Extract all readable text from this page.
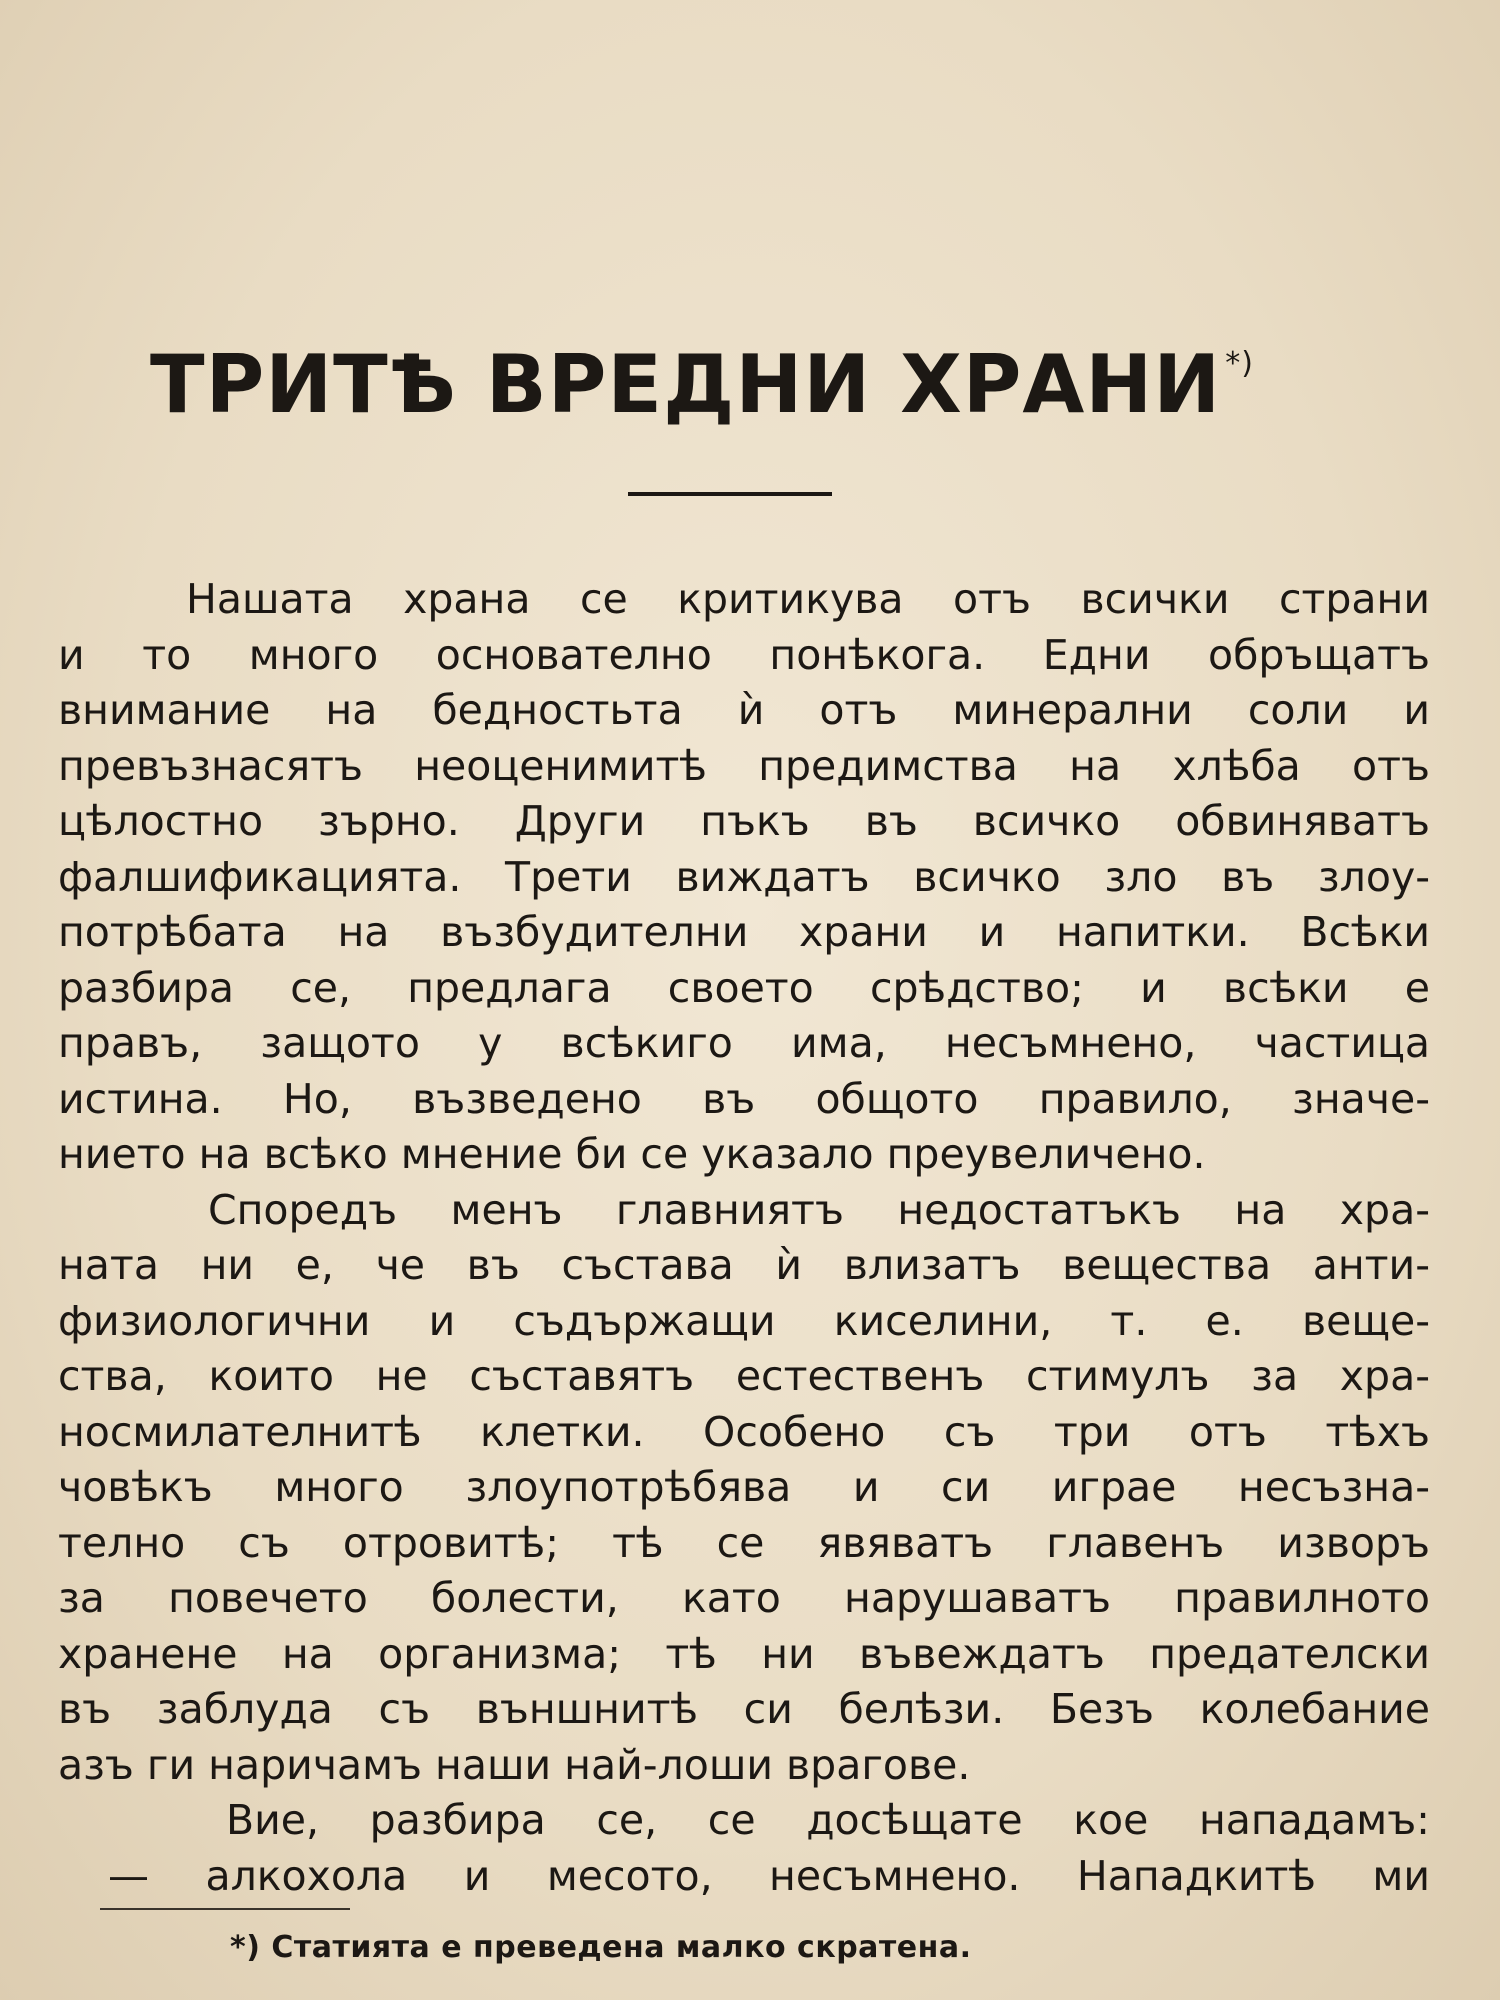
ТРИТѢ ВРЕДНИ ХРАНИ *)
Нашата храна се критикува отъ всички страни
и то много основателно понѣкога. Едни обръщатъ
внимание на бедностьта ѝ отъ минерални соли и
превъзнасятъ неоценимитѣ предимства на хлѣба отъ
цѣлостно зърно. Други пъкъ въ всичко обвиняватъ
фалшификацията. Трети виждатъ всичко зло въ злоу-
потрѣбата на възбудителни храни и напитки. Всѣки
разбира се, предлага своето срѣдство; и всѣки е
правъ, защото у всѣкиго има, несъмнено, частица
истина. Но, възведено въ общото правило, значе-
нието на всѣко мнение би се указало преувеличено.
Споредъ менъ главниятъ недостатъкъ на хра-
ната ни е, че въ състава ѝ влизатъ вещества анти-
физиологични и съдържащи киселини, т. е. веще-
ства, които не съставятъ естественъ стимулъ за хра-
носмилателнитѣ клетки. Особено съ три отъ тѣхъ
човѣкъ много злоупотрѣбява и си играе несъзна-
телно съ отровитѣ; тѣ се явяватъ главенъ изворъ
за повечето болести, като нарушаватъ правилното
хранене на организма; тѣ ни въвеждатъ предателски
въ заблуда съ външнитѣ си белѣзи. Безъ колебание
азъ ги наричамъ наши най-лоши врагове.
Вие, разбира се, се досѣщате кое нападамъ:
— алкохола и месото, несъмнено. Нападкитѣ ми
*) Статията е преведена малко скратена.
